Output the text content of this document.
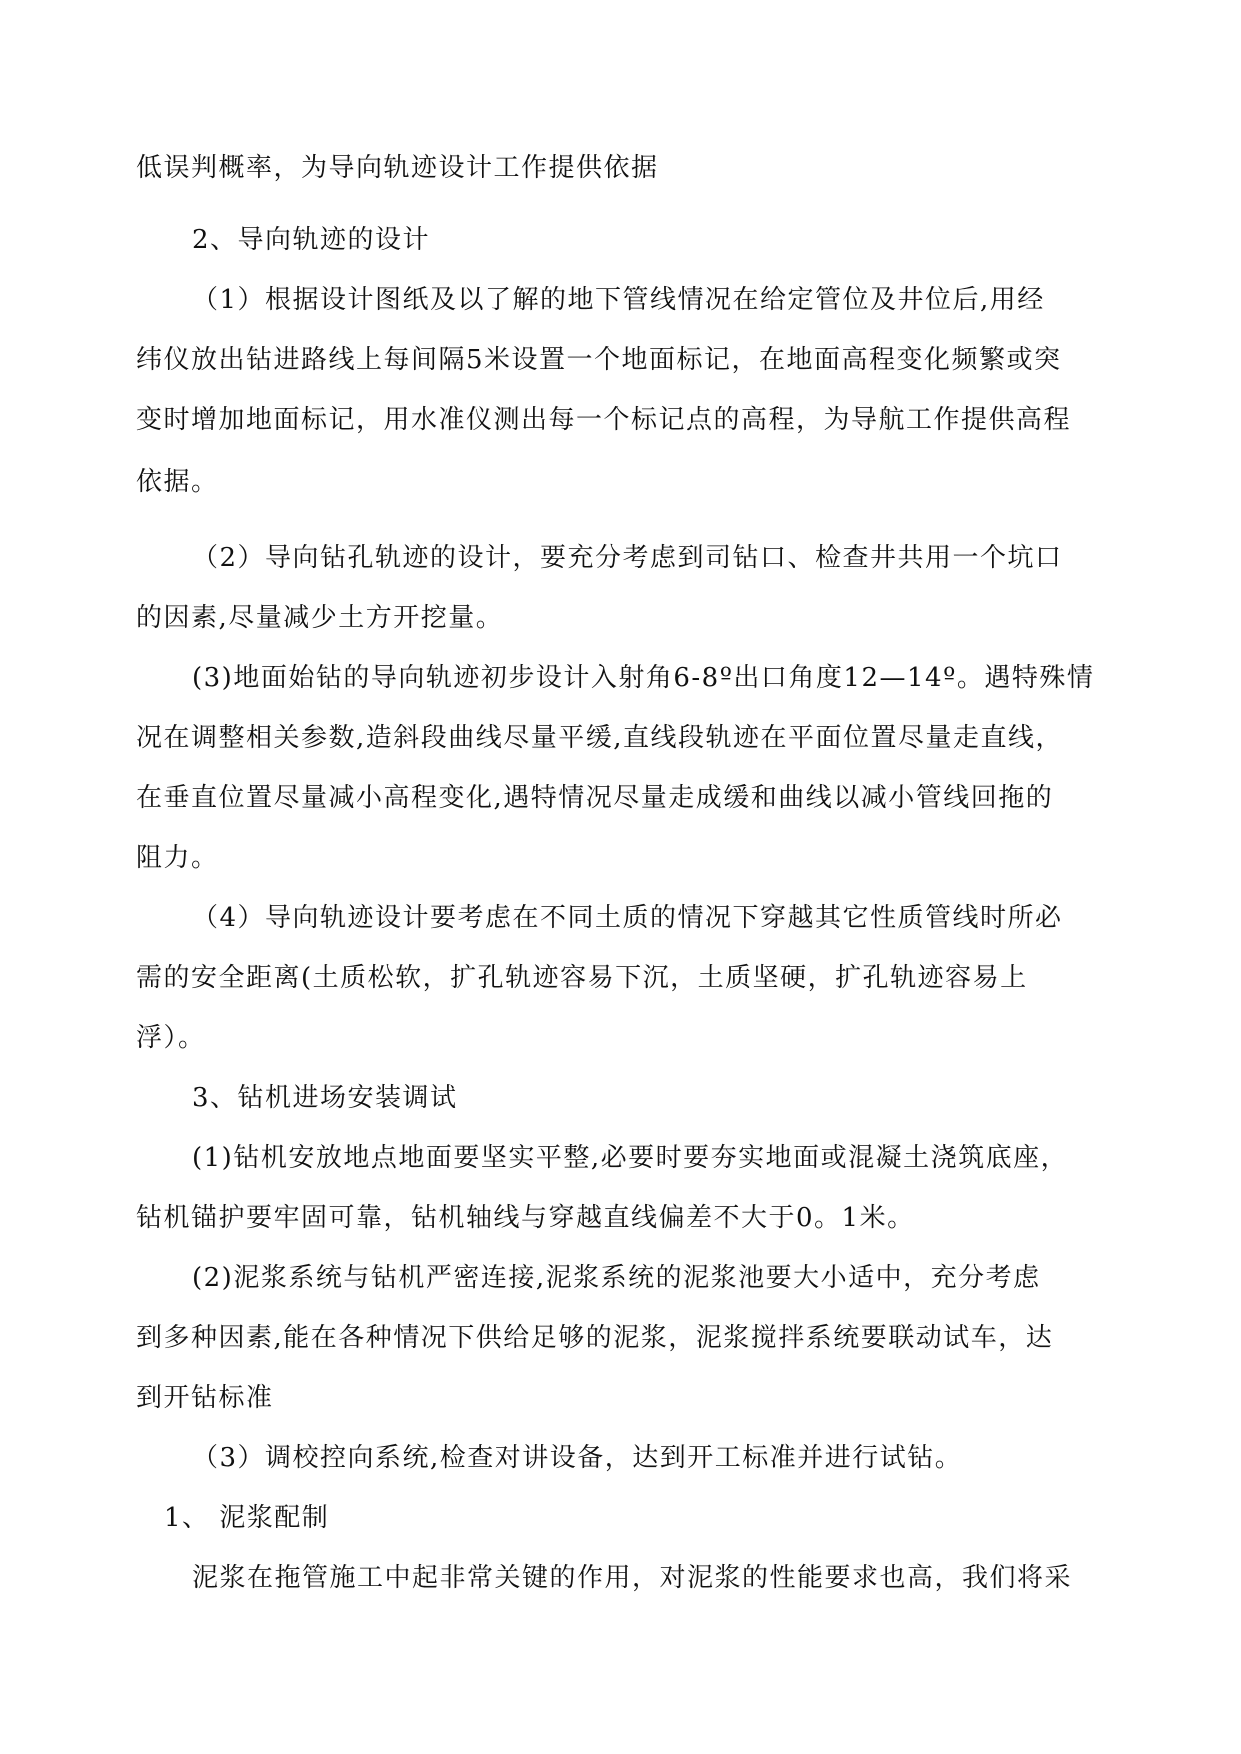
低误判概率，为导向轨迹设计工作提供依据

2、导向轨迹的设计

（1）根据设计图纸及以了解的地下管线情况在给定管位及井位后,用经

纬仪放出钻进路线上每间隔5米设置一个地面标记，在地面高程变化频繁或突

变时增加地面标记，用水准仪测出每一个标记点的高程，为导航工作提供高程

依据。

（2）导向钻孔轨迹的设计，要充分考虑到司钻口、检查井共用一个坑口

的因素,尽量减少土方开挖量。

(3)地面始钻的导向轨迹初步设计入射角6-8º出口角度12—14º。遇特殊情

况在调整相关参数,造斜段曲线尽量平缓,直线段轨迹在平面位置尽量走直线，

在垂直位置尽量减小高程变化,遇特情况尽量走成缓和曲线以减小管线回拖的

阻力。

（4）导向轨迹设计要考虑在不同土质的情况下穿越其它性质管线时所必

需的安全距离(土质松软，扩孔轨迹容易下沉，土质坚硬，扩孔轨迹容易上

浮）。

3、钻机进场安装调试

(1)钻机安放地点地面要坚实平整,必要时要夯实地面或混凝土浇筑底座，

钻机锚护要牢固可靠，钻机轴线与穿越直线偏差不大于0。1米。

(2)泥浆系统与钻机严密连接,泥浆系统的泥浆池要大小适中，充分考虑

到多种因素,能在各种情况下供给足够的泥浆，泥浆搅拌系统要联动试车，达

到开钻标准

（3）调校控向系统,检查对讲设备，达到开工标准并进行试钻。

1、 泥浆配制

泥浆在拖管施工中起非常关键的作用，对泥浆的性能要求也高，我们将采
